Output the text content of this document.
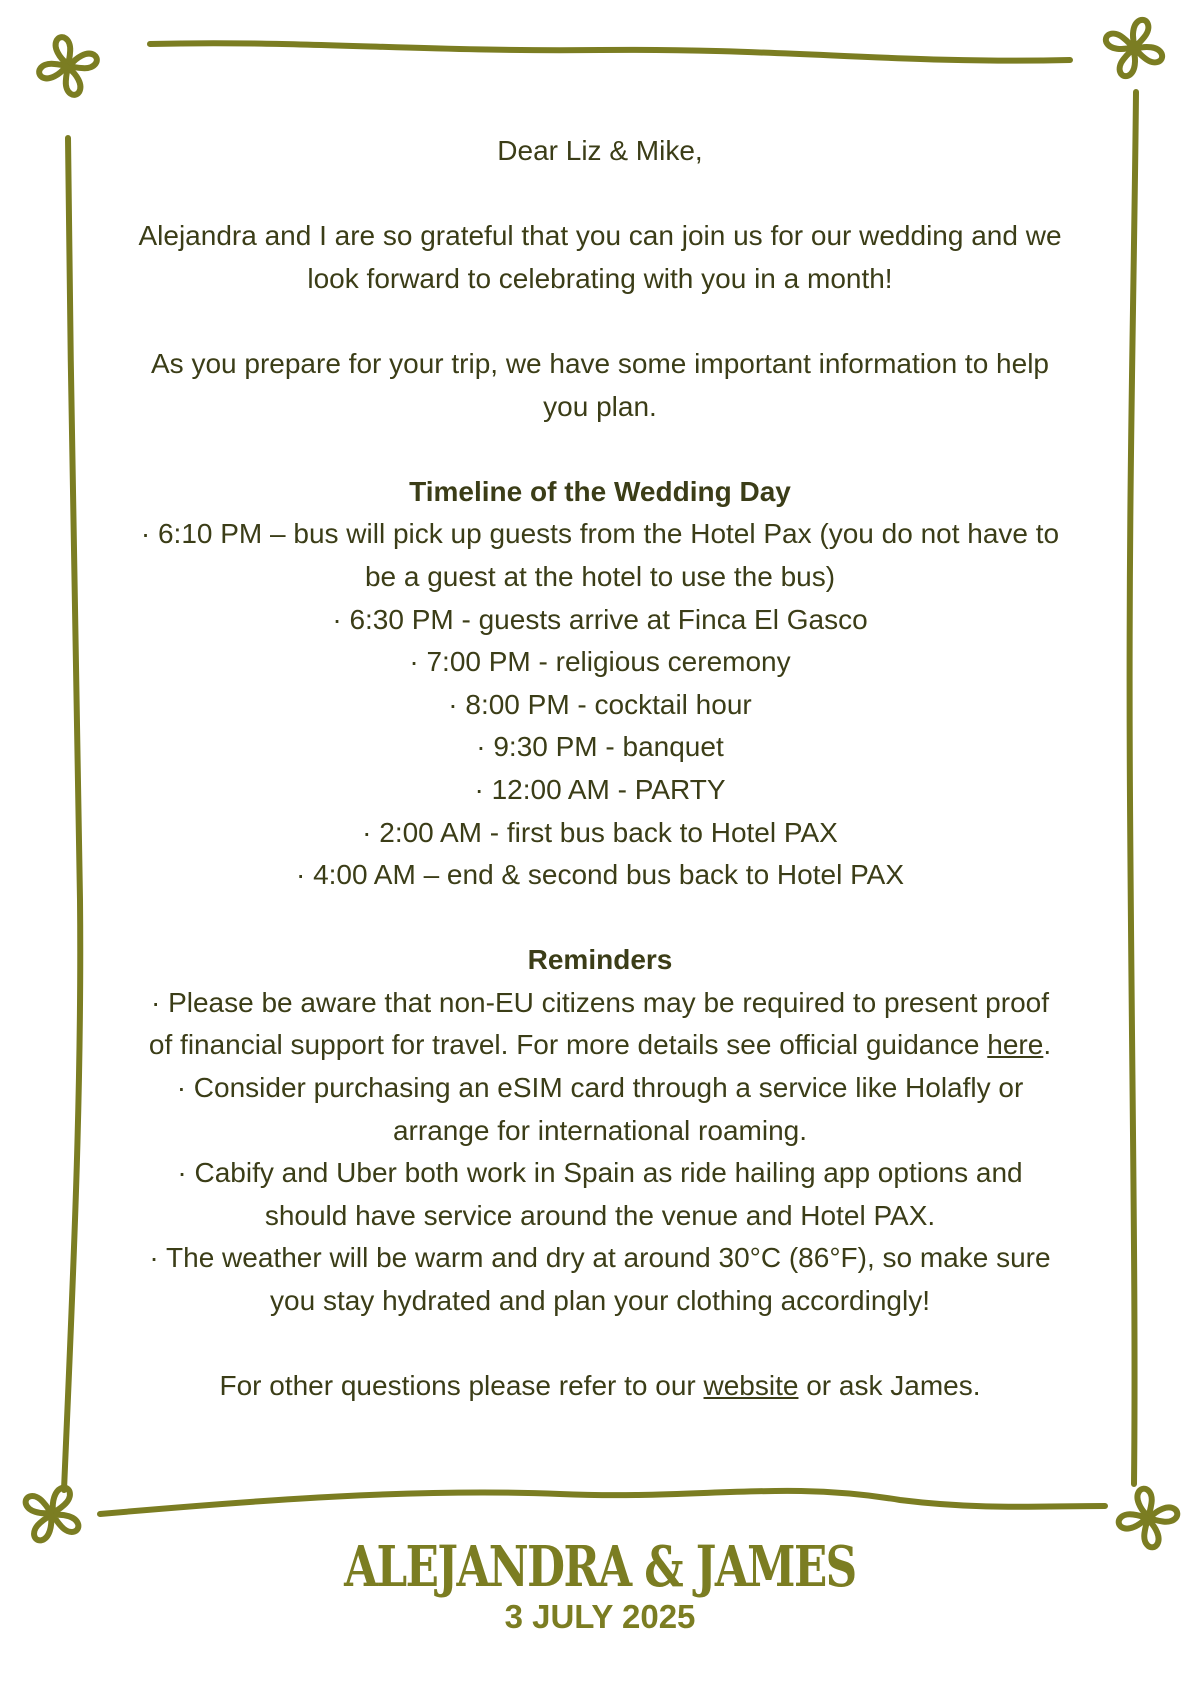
Dear Liz & Mike,

Alejandra and I are so grateful that you can join us for our wedding and we
look forward to celebrating with you in a month!

As you prepare for your trip, we have some important information to help
you plan.

Timeline of the Wedding Day

· 6:10 PM – bus will pick up guests from the Hotel Pax (you do not have to
be a guest at the hotel to use the bus)
· 6:30 PM - guests arrive at Finca El Gasco
· 7:00 PM - religious ceremony
· 8:00 PM - cocktail hour
· 9:30 PM - banquet
· 12:00 AM - PARTY
· 2:00 AM - first bus back to Hotel PAX
· 4:00 AM – end & second bus back to Hotel PAX

Reminders

· Please be aware that non-EU citizens may be required to present proof
of financial support for travel. For more details see official guidance here.
· Consider purchasing an eSIM card through a service like Holafly or
arrange for international roaming.
· Cabify and Uber both work in Spain as ride hailing app options and
should have service around the venue and Hotel PAX.
· The weather will be warm and dry at around 30°C (86°F), so make sure
you stay hydrated and plan your clothing accordingly!

For other questions please refer to our website or ask James.

ALEJANDRA & JAMES
3 JULY 2025
